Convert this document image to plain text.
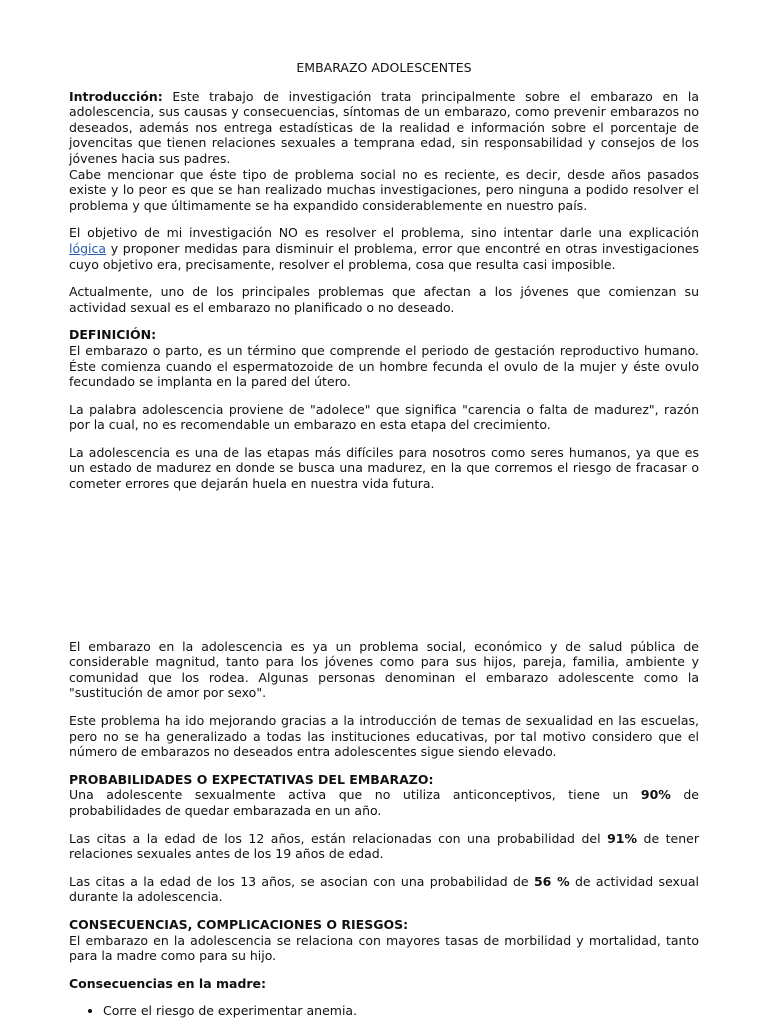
EMBARAZO ADOLESCENTES

Introducción: Este trabajo de investigación trata principalmente sobre el embarazo en la adolescencia, sus causas y consecuencias, síntomas de un embarazo, como prevenir embarazos no deseados, además nos entrega estadísticas de la realidad e información sobre el porcentaje de jovencitas que tienen relaciones sexuales a temprana edad, sin responsabilidad y consejos de los jóvenes hacia sus padres.
Cabe mencionar que éste tipo de problema social no es reciente, es decir, desde años pasados existe y lo peor es que se han realizado muchas investigaciones, pero ninguna a podido resolver el problema y que últimamente se ha expandido considerablemente en nuestro país.

El objetivo de mi investigación NO es resolver el problema, sino intentar darle una explicación lógica y proponer medidas para disminuir el problema, error que encontré en otras investigaciones cuyo objetivo era, precisamente, resolver el problema, cosa que resulta casi imposible.

Actualmente, uno de los principales problemas que afectan a los jóvenes que comienzan su actividad sexual es el embarazo no planificado o no deseado.

DEFINICIÓN:
El embarazo o parto, es un término que comprende el periodo de gestación reproductivo humano. Éste comienza cuando el espermatozoide de un hombre fecunda el ovulo de la mujer y éste ovulo fecundado se implanta en la pared del útero.

La palabra adolescencia proviene de "adolece" que significa "carencia o falta de madurez", razón por la cual, no es recomendable un embarazo en esta etapa del crecimiento.

La adolescencia es una de las etapas más difíciles para nosotros como seres humanos, ya que es un estado de madurez en donde se busca una madurez, en la que corremos el riesgo de fracasar o cometer errores que dejarán huela en nuestra vida futura.

El embarazo en la adolescencia es ya un problema social, económico y de salud pública de considerable magnitud, tanto para los jóvenes como para sus hijos, pareja, familia, ambiente y comunidad que los rodea. Algunas personas denominan el embarazo adolescente como la "sustitución de amor por sexo".

Este problema ha ido mejorando gracias a la introducción de temas de sexualidad en las escuelas, pero no se ha generalizado a todas las instituciones educativas, por tal motivo considero que el número de embarazos no deseados entra adolescentes sigue siendo elevado.

PROBABILIDADES O EXPECTATIVAS DEL EMBARAZO:
Una adolescente sexualmente activa que no utiliza anticonceptivos, tiene un 90% de probabilidades de quedar embarazada en un año.

Las citas a la edad de los 12 años, están relacionadas con una probabilidad del 91% de tener relaciones sexuales antes de los 19 años de edad.

Las citas a la edad de los 13 años, se asocian con una probabilidad de 56 % de actividad sexual durante la adolescencia.

CONSECUENCIAS, COMPLICACIONES O RIESGOS:
El embarazo en la adolescencia se relaciona con mayores tasas de morbilidad y mortalidad, tanto para la madre como para su hijo.

Consecuencias en la madre:

• Corre el riesgo de experimentar anemia.
